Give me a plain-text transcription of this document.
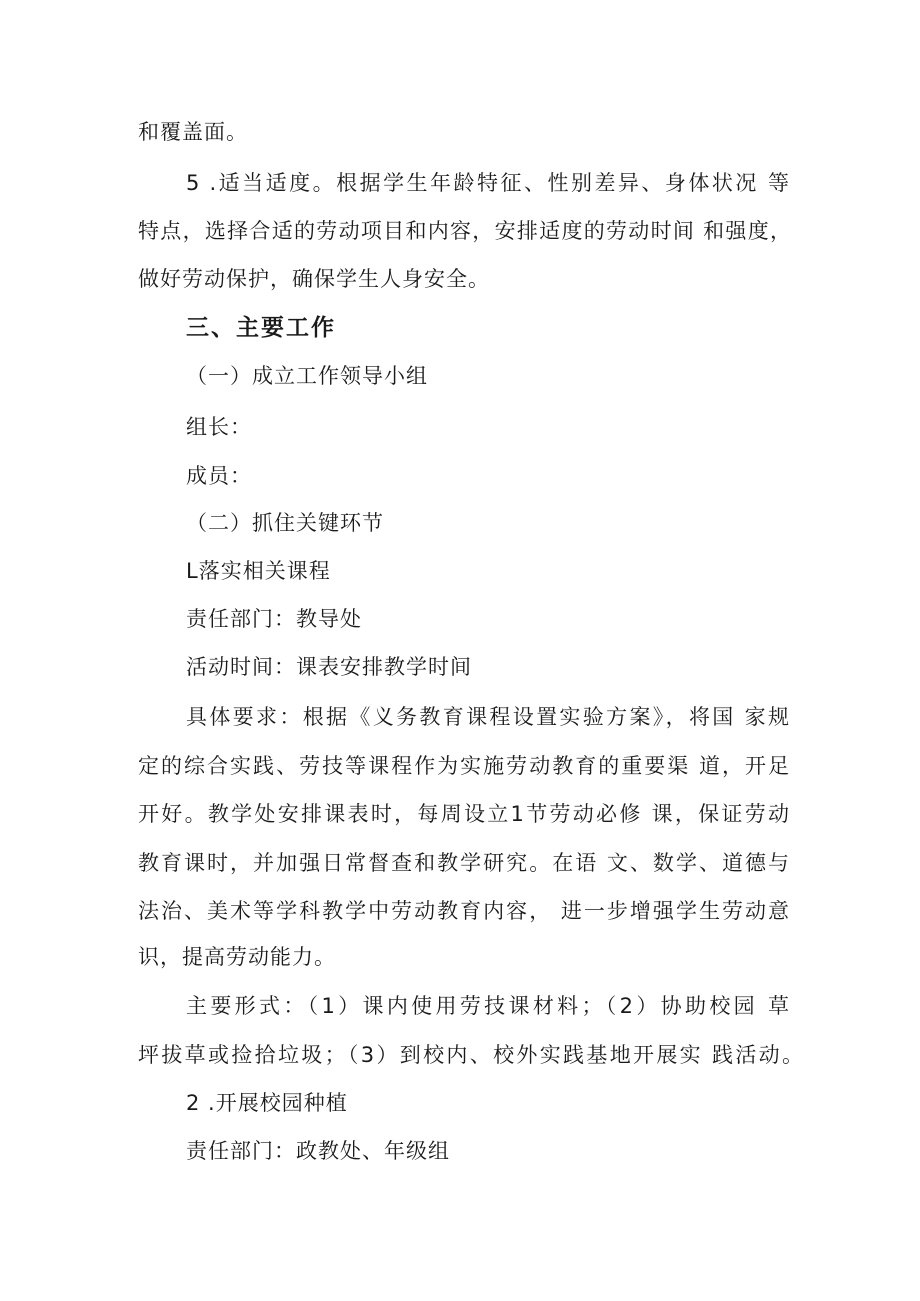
和覆盖面。
5 .适当适度。根据学生年龄特征、性别差异、身体状况 等
特点，选择合适的劳动项目和内容，安排适度的劳动时间 和强度，
做好劳动保护，确保学生人身安全。
三、主要工作
（一）成立工作领导小组
组长：
成员：
（二）抓住关键环节
L落实相关课程
责任部门：教导处
活动时间：课表安排教学时间
具体要求：根据《义务教育课程设置实验方案》，将国 家规
定的综合实践、劳技等课程作为实施劳动教育的重要渠 道，开足
开好。教学处安排课表时，每周设立1节劳动必修 课，保证劳动
教育课时，并加强日常督查和教学研究。在语 文、数学、道德与
法治、美术等学科教学中劳动教育内容， 进一步增强学生劳动意
识，提高劳动能力。
主要形式：（1）课内使用劳技课材料；（2）协助校园 草
坪拔草或捡拾垃圾；（3）到校内、校外实践基地开展实 践活动。
2 .开展校园种植
责任部门：政教处、年级组
